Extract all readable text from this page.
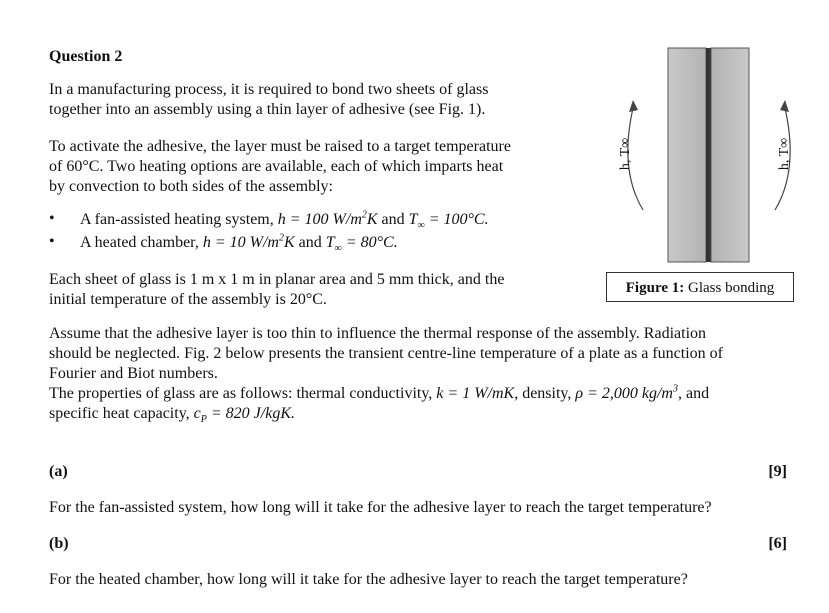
Question 2
In a manufacturing process, it is required to bond two sheets of glass
together into an assembly using a thin layer of adhesive (see Fig. 1).
To activate the adhesive, the layer must be raised to a target temperature
of 60°C. Two heating options are available, each of which imparts heat
by convection to both sides of the assembly:
• A fan-assisted heating system, h = 100 $W/m^2K$ and $T_\infty = 100^\circ C$.
• A heated chamber, h = 10 $W/m^2K$ and $T_\infty = 80^\circ C$.
Each sheet of glass is 1 m x 1 m in planar area and 5 mm thick, and the
initial temperature of the assembly is 20°C.
Assume that the adhesive layer is too thin to influence the thermal response of the assembly. Radiation
should be neglected. Fig. 2 below presents the transient centre-line temperature of a plate as a function of
Fourier and Biot numbers.
The properties of glass are as follows: thermal conductivity, k = 1 W/mK, density, ρ = 2,000 $kg/m^3$, and
specific heat capacity, $c_P = 820$ J/kgK.
(a)	[9]
For the fan-assisted system, how long will it take for the adhesive layer to reach the target temperature?
(b)	[6]
For the heated chamber, how long will it take for the adhesive layer to reach the target temperature?
h, T∞	h, T∞
Figure 1: Glass bonding
